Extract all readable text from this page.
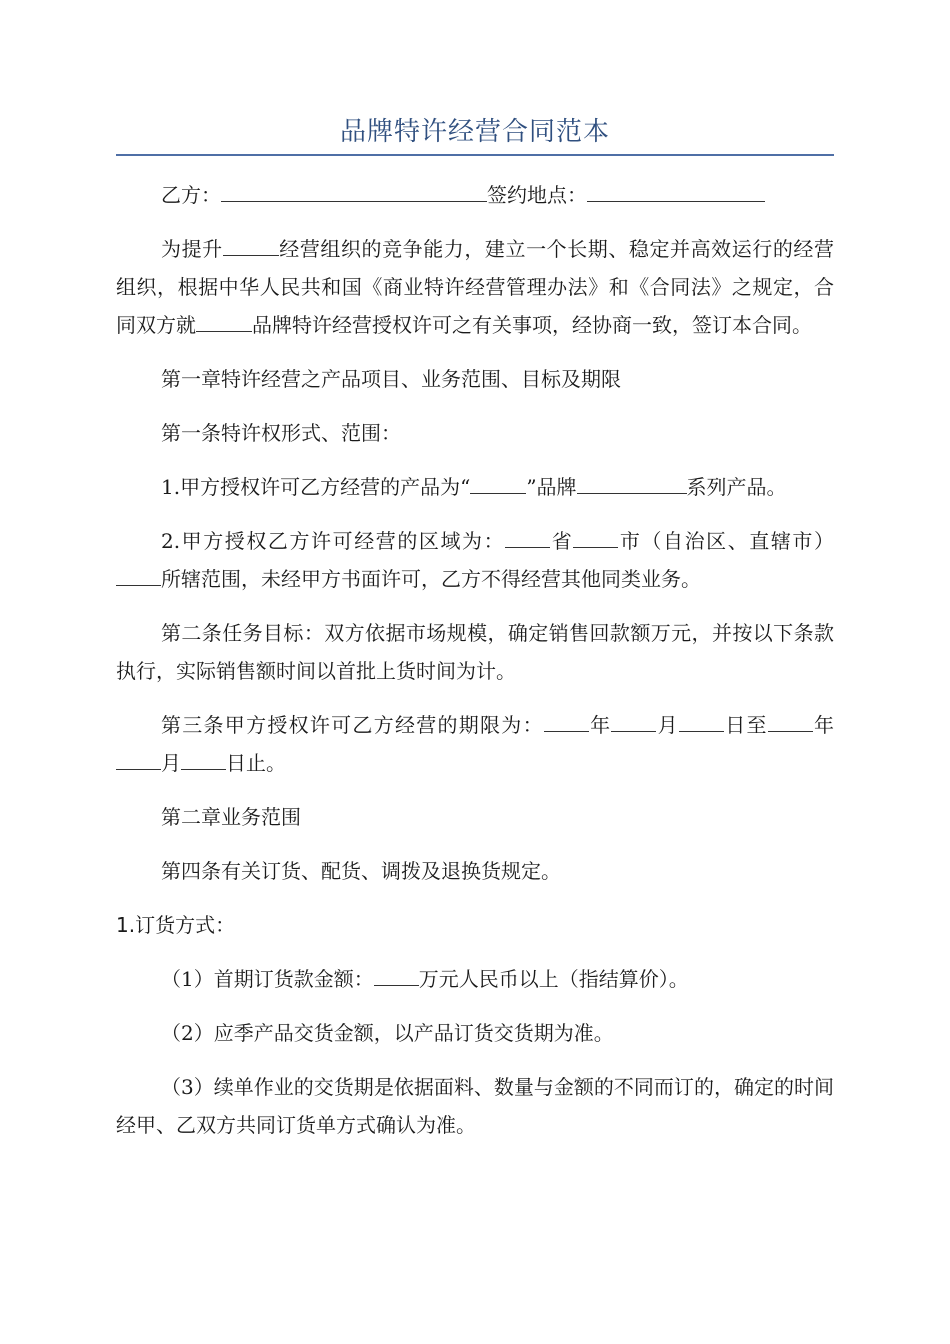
品牌特许经营合同范本

乙方：	签约地点：

为提升	经营组织的竞争能力，建立一个长期、稳定并高效运行的经营组织，根据中华人民共和国《商业特许经营管理办法》和《合同法》之规定，合同双方就	品牌特许经营授权许可之有关事项，经协商一致，签订本合同。

第一章特许经营之产品项目、业务范围、目标及期限

第一条特许权形式、范围：

1.甲方授权许可乙方经营的产品为“	”品牌	系列产品。

2.甲方授权乙方许可经营的区域为： 省 市（自治区、直辖市）所辖范围，未经甲方书面许可，乙方不得经营其他同类业务。

第二条任务目标：双方依据市场规模，确定销售回款额万元，并按以下条款执行，实际销售额时间以首批上货时间为计。

第三条甲方授权许可乙方经营的期限为： 年 月 日至 年月 日止。

第二章业务范围

第四条有关订货、配货、调拨及退换货规定。

1.订货方式：

（1）首期订货款金额： 万元人民币以上（指结算价）。

（2）应季产品交货金额，以产品订货交货期为准。

（3）续单作业的交货期是依据面料、数量与金额的不同而订的，确定的时间经甲、乙双方共同订货单方式确认为准。
